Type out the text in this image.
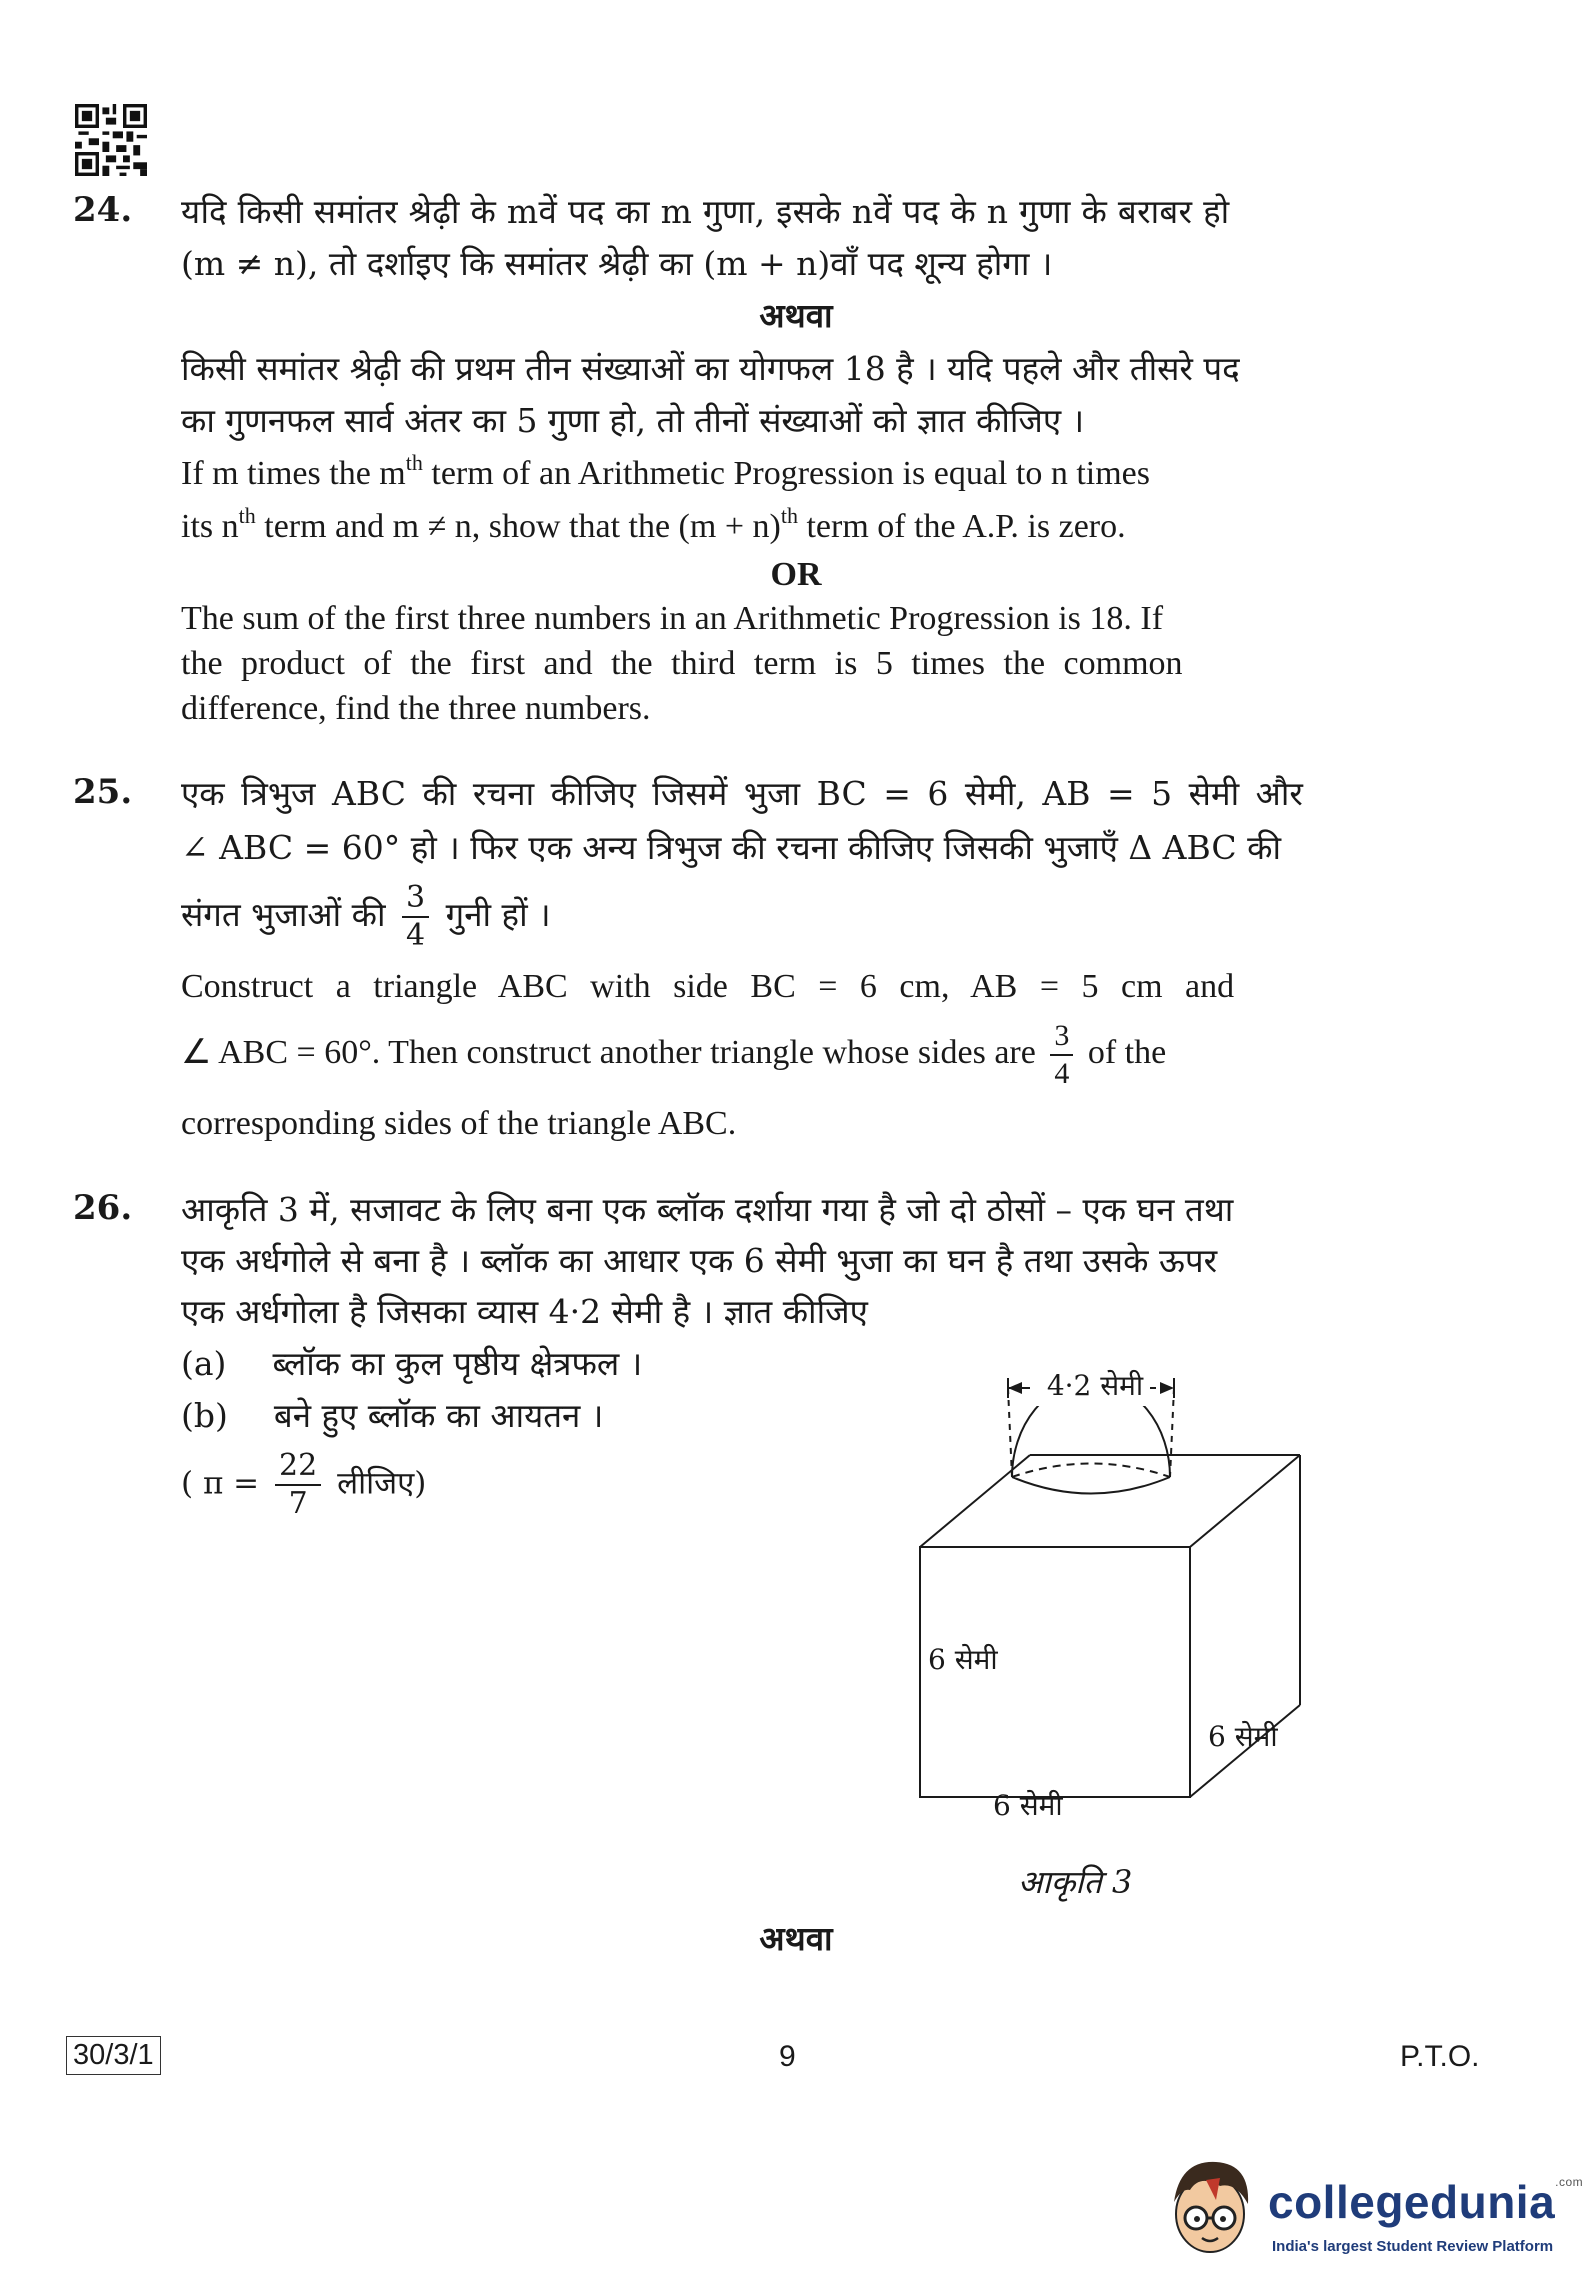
24. यदि किसी समांतर श्रेढ़ी के mवें पद का m गुणा, इसके nवें पद के n गुणा के बराबर हो
(m ≠ n), तो दर्शाइए कि समांतर श्रेढ़ी का (m + n)वाँ पद शून्य होगा ।
अथवा
किसी समांतर श्रेढ़ी की प्रथम तीन संख्याओं का योगफल 18 है । यदि पहले और तीसरे पद
का गुणनफल सार्व अंतर का 5 गुणा हो, तो तीनों संख्याओं को ज्ञात कीजिए ।
If m times the $m^{th}$ term of an Arithmetic Progression is equal to n times
its $n^{th}$ term and m ≠ n, show that the $(m + n)^{th}$ term of the A.P. is zero.
OR
The sum of the first three numbers in an Arithmetic Progression is 18. If
the product of the first and the third term is 5 times the common
difference, find the three numbers.
25. एक त्रिभुज ABC की रचना कीजिए जिसमें भुजा BC = 6 सेमी, AB = 5 सेमी और
∠ ABC = 60° हो । फिर एक अन्य त्रिभुज की रचना कीजिए जिसकी भुजाएँ Δ ABC की
संगत भुजाओं की $\frac{3}{4}$ गुनी हों ।
Construct a triangle ABC with side BC = 6 cm, AB = 5 cm and
∠ ABC = 60°. Then construct another triangle whose sides are $\frac{3}{4}$ of the
corresponding sides of the triangle ABC.
26. आकृति 3 में, सजावट के लिए बना एक ब्लॉक दर्शाया गया है जो दो ठोसों – एक घन तथा
एक अर्धगोले से बना है । ब्लॉक का आधार एक 6 सेमी भुजा का घन है तथा उसके ऊपर
एक अर्धगोला है जिसका व्यास 4·2 सेमी है । ज्ञात कीजिए
(a) ब्लॉक का कुल पृष्ठीय क्षेत्रफल ।
(b) बने हुए ब्लॉक का आयतन ।
( $\pi = \frac{22}{7}$ लीजिए)
4·2 सेमी
6 सेमी
6 सेमी
6 सेमी
आकृति 3
अथवा
30/3/1	9	P.T.O.
collegedunia$^{.com}$
India's largest Student Review Platform
